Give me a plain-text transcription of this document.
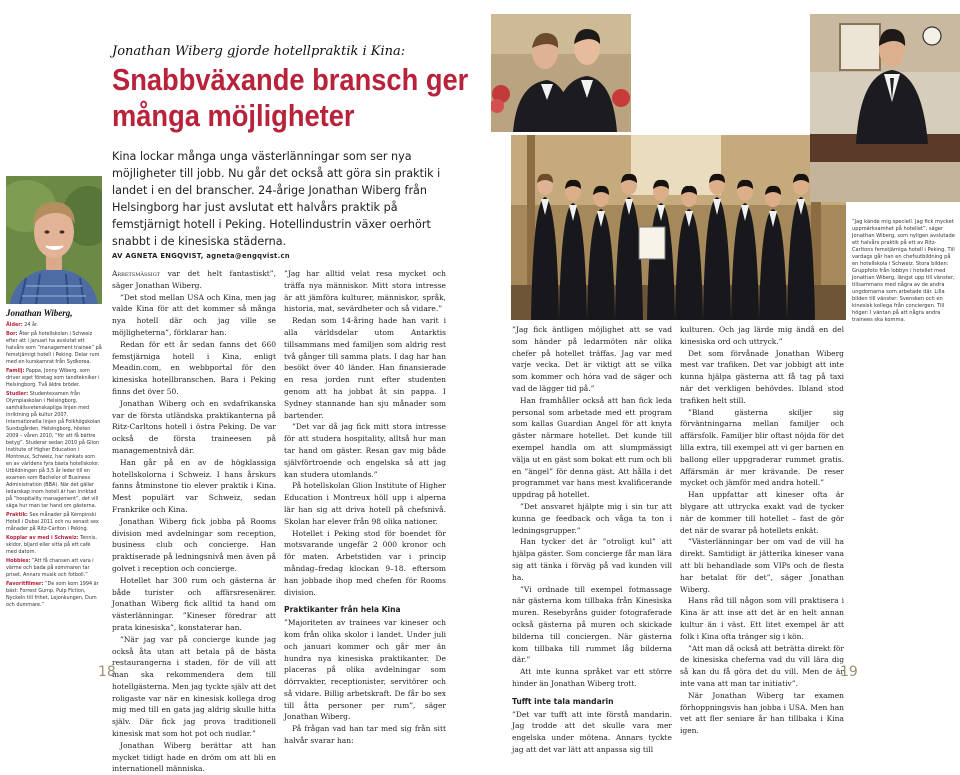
Jonathan Wiberg,

Ålder: 24 år.

Bor: Åter på hotellskolan i Schweiz efter att i januari ha avslutat ett halvårs som ”management trainee” på femstjärnigt hotell i Peking. Delar rum med en kurskamrat från Sydkorea.

Familj: Pappa, Jonny Wiberg, som driver eget företag som tandtekniker i Helsingborg. Två äldre bröder.

Studier: Studentexamen från Olympiaskolan i Helsingborg, samhällsvetenskapliga linjen med inriktning på kultur 2007. Internationella linjen på Folkhögskolan Sundsgården, Helsingborg, hösten 2009 – våren 2010, ”för att få bättre betyg”. Studerar sedan 2010 på Glion Institute of Higher Education i Montreux, Schweiz, har rankats som en av världens fyra bästa hotellskolor. Utbildningen på 3,5 år leder till en examen som Bachelor of Business Administration (BBA). När det gäller ledarskap inom hotell är han inriktad på ”hospitality management”, det vill säga hur man tar hand om gästerna.

Praktik: Sex månader på Kempinski Hotell i Dubai 2011 och nu senast sex månader på Ritz-Carlton i Peking.

Kopplar av med i Schweiz: Tennis, skidor, bljard eller sitta på ett café med datorn.

Hobbies: ”Att få chansen att vara i värme och bada på sommaren tar priset. Annars musik och fotboll.”

Favoritfilmer: ”De som kom 1994 är bäst: Forrest Gump, Pulp Fiction, Nyckeln till frihet, Lejonkungen, Dum och dummare.”

Jonathan Wiberg gjorde hotellpraktik i Kina:
Snabbväxande bransch ger många möjligheter
Kina lockar många unga västerlänningar som ser nya möjligheter till jobb. Nu går det också att göra sin praktik i landet i en del branscher. 24-årige Jonathan Wiberg från Helsingborg har just avslutat ett halvårs praktik på femstjärnigt hotell i Peking. Hotellindustrin växer oerhört snabbt i de kinesiska städerna.
AV AGNETA ENGQVIST, agneta@engqvist.cn

Arbetsmässigt var det helt fantastiskt”, säger Jonathan Wiberg.

”Det stod mellan USA och Kina, men jag valde Kina för att det kommer så många nya hotell där och jag ville se möjligheterna”, förklarar han.

Redan för ett år sedan fanns det 660 femstjärniga hotell i Kina, enligt Meadin.com, en webbportal för den kinesiska hotellbranschen. Bara i Peking finns det över 50.

Jonathan Wiberg och en svdafrikanska var de första utländska praktikanterna på Ritz-Carltons hotell i östra Peking. De var också de första traineesen på managementnivå där.

Han går på en av de högklassiga hotellskolorna i Schweiz. I hans årskurs fanns åtminstone tio elever praktik i Kina. Mest populärt var Schweiz, sedan Frankrike och Kina.

Jonathan Wiberg fick jobba på Rooms division med avdelningar som reception, business club och concierge. Han praktiserade på ledningsnivå men även på golvet i reception och concierge.

Hotellet har 300 rum och gästerna är både turister och affärsresenärer. Jonathan Wiberg fick alltid ta hand om västerlänningar. ”Kineser föredrar att prata kinesiska”, konstaterar han.

”När jag var på concierge kunde jag också åta utan att betala på de bästa restaurangerna i staden, för de vill att man ska rekommendera dem till hotellgästerna. Men jag tyckte själv att det roligaste var när en kinesisk kollega drog mig med till en gata jag aldrig skulle hitta själv. Där fick jag prova traditionell kinesisk mat som hot pot och nudlar.”

Jonathan Wiberg berättar att han mycket tidigt hade en dröm om att bli en internationell människa.

”Jag har alltid velat resa mycket och träffa nya människor. Mitt stora intresse är att jämföra kulturer, människor, språk, historia, mat, sevärdheter och så vidare.”

Redan som 14-åring hade han varit i alla världsdelar utom Antarktis tillsammans med familjen som aldrig rest två gånger till samma plats. I dag har han besökt över 40 länder. Han finansierade en resa jorden runt efter studenten genom att ha jobbat åt sin pappa. I Sydney stannande han sju månader som bartender.

”Det var då jag fick mitt stora intresse för att studera hospitality, alltså hur man tar hand om gäster. Resan gav mig både självförtroende och engelska så att jag kan studera utomlands.”

På hotellskolan Glion Institute of Higher Education i Montreux höll upp i alperna lär han sig att driva hotell på chefsnivå. Skolan har elever från 98 olika nationer.

Hotellet i Peking stod för boendet för motsvarande ungefär 2 000 kronor och för maten. Arbetstiden var i princip måndag–fredag klockan 9–18. eftersom han jobbade ihop med chefen för Rooms division.

Praktikanter från hela Kina

”Majoriteten av trainees var kineser och kom från olika skolor i landet. Under juli och januari kommer och går mer än hundra nya kinesiska praktikanter. De placeras på olika avdelningar som dörrvakter, receptionister, servitörer och så vidare. Billig arbetskraft. De får bo sex till åtta personer per rum”, säger Jonathan Wiberg.

På frågan vad han tar med sig från sitt halvår svarar han:

”Jag fick äntligen möjlighet att se vad som händer på ledarmöten när olika chefer på hotellet träffas. Jag var med varje vecka. Det är viktigt att se vilka som kommer och hóra vad de säger och vad de lägger tid på.”

Han framhåller också att han fick leda personal som arbetade med ett program som kallas Guardian Angel för att knyta gäster närmare hotellet. Det kunde till exempel handla om att slumpmässigt välja ut en gäst som bokat ett rum och bli en ”ängel” för denna gäst. Att hålla i det programmet var hans mest kvalificerande uppdrag på hotellet.

”Det ansvaret hjälpte mig i sin tur att kunna ge feedback och våga ta ton i ledningsgrupper.”

Han tycker det är ”otroligt kul” att hjälpa gäster. Som concierge får man lära sig att tänka i förväg på vad kunden vill ha.

”Vi ordnade till exempel fotmassage när gästerna kom tillbaka från Kinesiska muren. Resebyråns guider fotograferade också gästerna på muren och skickade bilderna till conciergen. När gästerna kom tillbaka till rummet låg bilderna där.”

Att inte kunna språket var ett större hinder än Jonathan Wiberg trott.

Tufft inte tala mandarin

”Det var tufft att inte förstå mandarin. Jag trodde att det skulle vara mer engelska under mötena. Annars tyckte jag att det var lätt att anpassa sig till

kulturen. Och jag lärde mig ändå en del kinesiska ord och uttryck.”

Det som förvånade Jonathan Wiberg mest var trafiken. Det var jobbigt att inte kunna hjälpa gästerna att få tag på taxi när det verkligen behövdes. Ibland stod trafiken helt still.

”Bland gästerna skiljer sig förväntningarna mellan familjer och affärsfolk. Familjer blir oftast nöjda för det lilla extra, till exempel att vi ger barnen en ballong eller uppgraderar rummet gratis. Affärsmän är mer krävande. De reser mycket och jämför med andra hotell.”

Han uppfattar att kineser ofta är blygare att uttrycka exakt vad de tycker när de kommer till hotellet – fast de gör det när de svarar på hotellets enkät.

”Västerlänningar ber om vad de vill ha direkt. Samtidigt är jätterika kineser vana att bli behandlade som VIPs och de flesta har betalat för det”, säger Jonathan Wiberg.

Hans råd till någon som vill praktisera i Kina är att inse att det är en helt annan kultur än i väst. Ett litet exempel är att folk i Kina ofta tränger sig i kön.

”Att man då också att beträtta direkt för de kinesiska cheferna vad du vill lära dig så kan du få göra det du vill. Men de är inte vana att man tar initiativ”.

När Jonathan Wiberg tar examen förhoppningsvis han jobba i USA. Men han vet att fler seniare år han tillbaka i Kina igen.

”Jag kände mig speciell. Jag fick mycket uppmärksamhet på hotellet”, säger Jonathan Wiberg, som nyligen avslutade ett halvårs praktik på ett av Ritz-Carltons femstjärniga hotell i Peking. Till vardags går han en chefsutbildning på en hotellskola i Schweiz. Stora bilden: Gruppfoto från lobbyn i hotellet med Jonathan Wiberg, längst upp till vänster, tillsammans med några av de andra ungdomarna som arbetade där. Lilla bilden till vänster: Svensken och en kinesisk kollega från conciergen. Till höger: I väntan på att några andra trainees ska komma.
18	19
